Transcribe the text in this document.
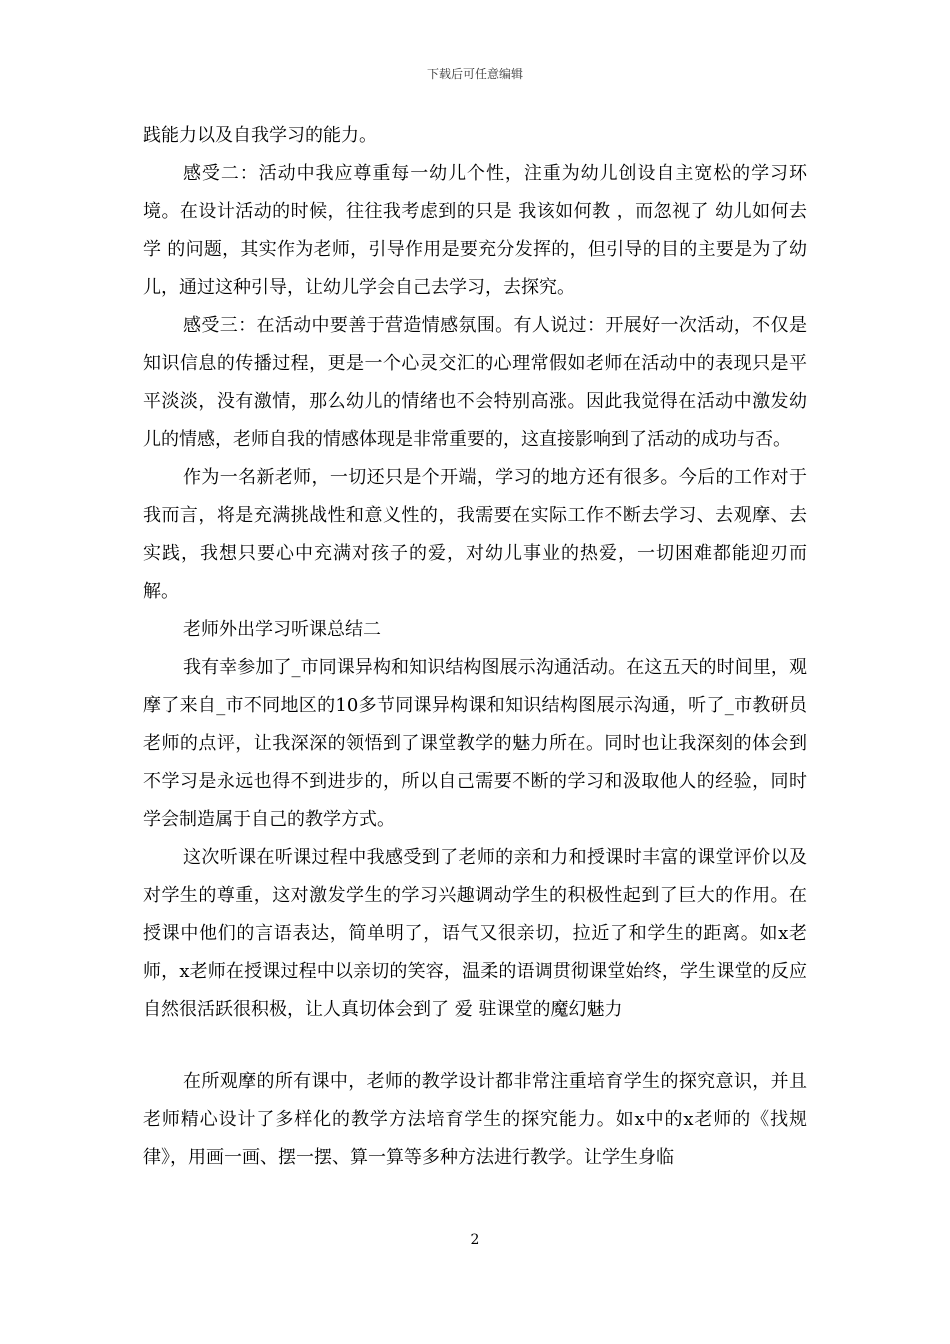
下载后可任意编辑

践能力以及自我学习的能力。

感受二：活动中我应尊重每一幼儿个性，注重为幼儿创设自主宽松的学习环境。在设计活动的时候，往往我考虑到的只是 我该如何教 ，而忽视了 幼儿如何去学 的问题，其实作为老师，引导作用是要充分发挥的，但引导的目的主要是为了幼儿，通过这种引导，让幼儿学会自己去学习，去探究。

感受三：在活动中要善于营造情感氛围。有人说过：开展好一次活动，不仅是知识信息的传播过程，更是一个心灵交汇的心理常假如老师在活动中的表现只是平平淡淡，没有激情，那么幼儿的情绪也不会特别高涨。因此我觉得在活动中激发幼儿的情感，老师自我的情感体现是非常重要的，这直接影响到了活动的成功与否。

作为一名新老师，一切还只是个开端，学习的地方还有很多。今后的工作对于我而言，将是充满挑战性和意义性的，我需要在实际工作不断去学习、去观摩、去实践，我想只要心中充满对孩子的爱，对幼儿事业的热爱，一切困难都能迎刃而解。

老师外出学习听课总结二

我有幸参加了_市同课异构和知识结构图展示沟通活动。在这五天的时间里，观摩了来自_市不同地区的10多节同课异构课和知识结构图展示沟通，听了_市教研员老师的点评，让我深深的领悟到了课堂教学的魅力所在。同时也让我深刻的体会到不学习是永远也得不到进步的，所以自己需要不断的学习和汲取他人的经验，同时学会制造属于自己的教学方式。

这次听课在听课过程中我感受到了老师的亲和力和授课时丰富的课堂评价以及对学生的尊重，这对激发学生的学习兴趣调动学生的积极性起到了巨大的作用。在授课中他们的言语表达，简单明了，语气又很亲切，拉近了和学生的距离。如x老师，x老师在授课过程中以亲切的笑容，温柔的语调贯彻课堂始终，学生课堂的反应自然很活跃很积极，让人真切体会到了 爱 驻课堂的魔幻魅力

在所观摩的所有课中，老师的教学设计都非常注重培育学生的探究意识，并且老师精心设计了多样化的教学方法培育学生的探究能力。如x中的x老师的《找规律》，用画一画、摆一摆、算一算等多种方法进行教学。让学生身临

2
